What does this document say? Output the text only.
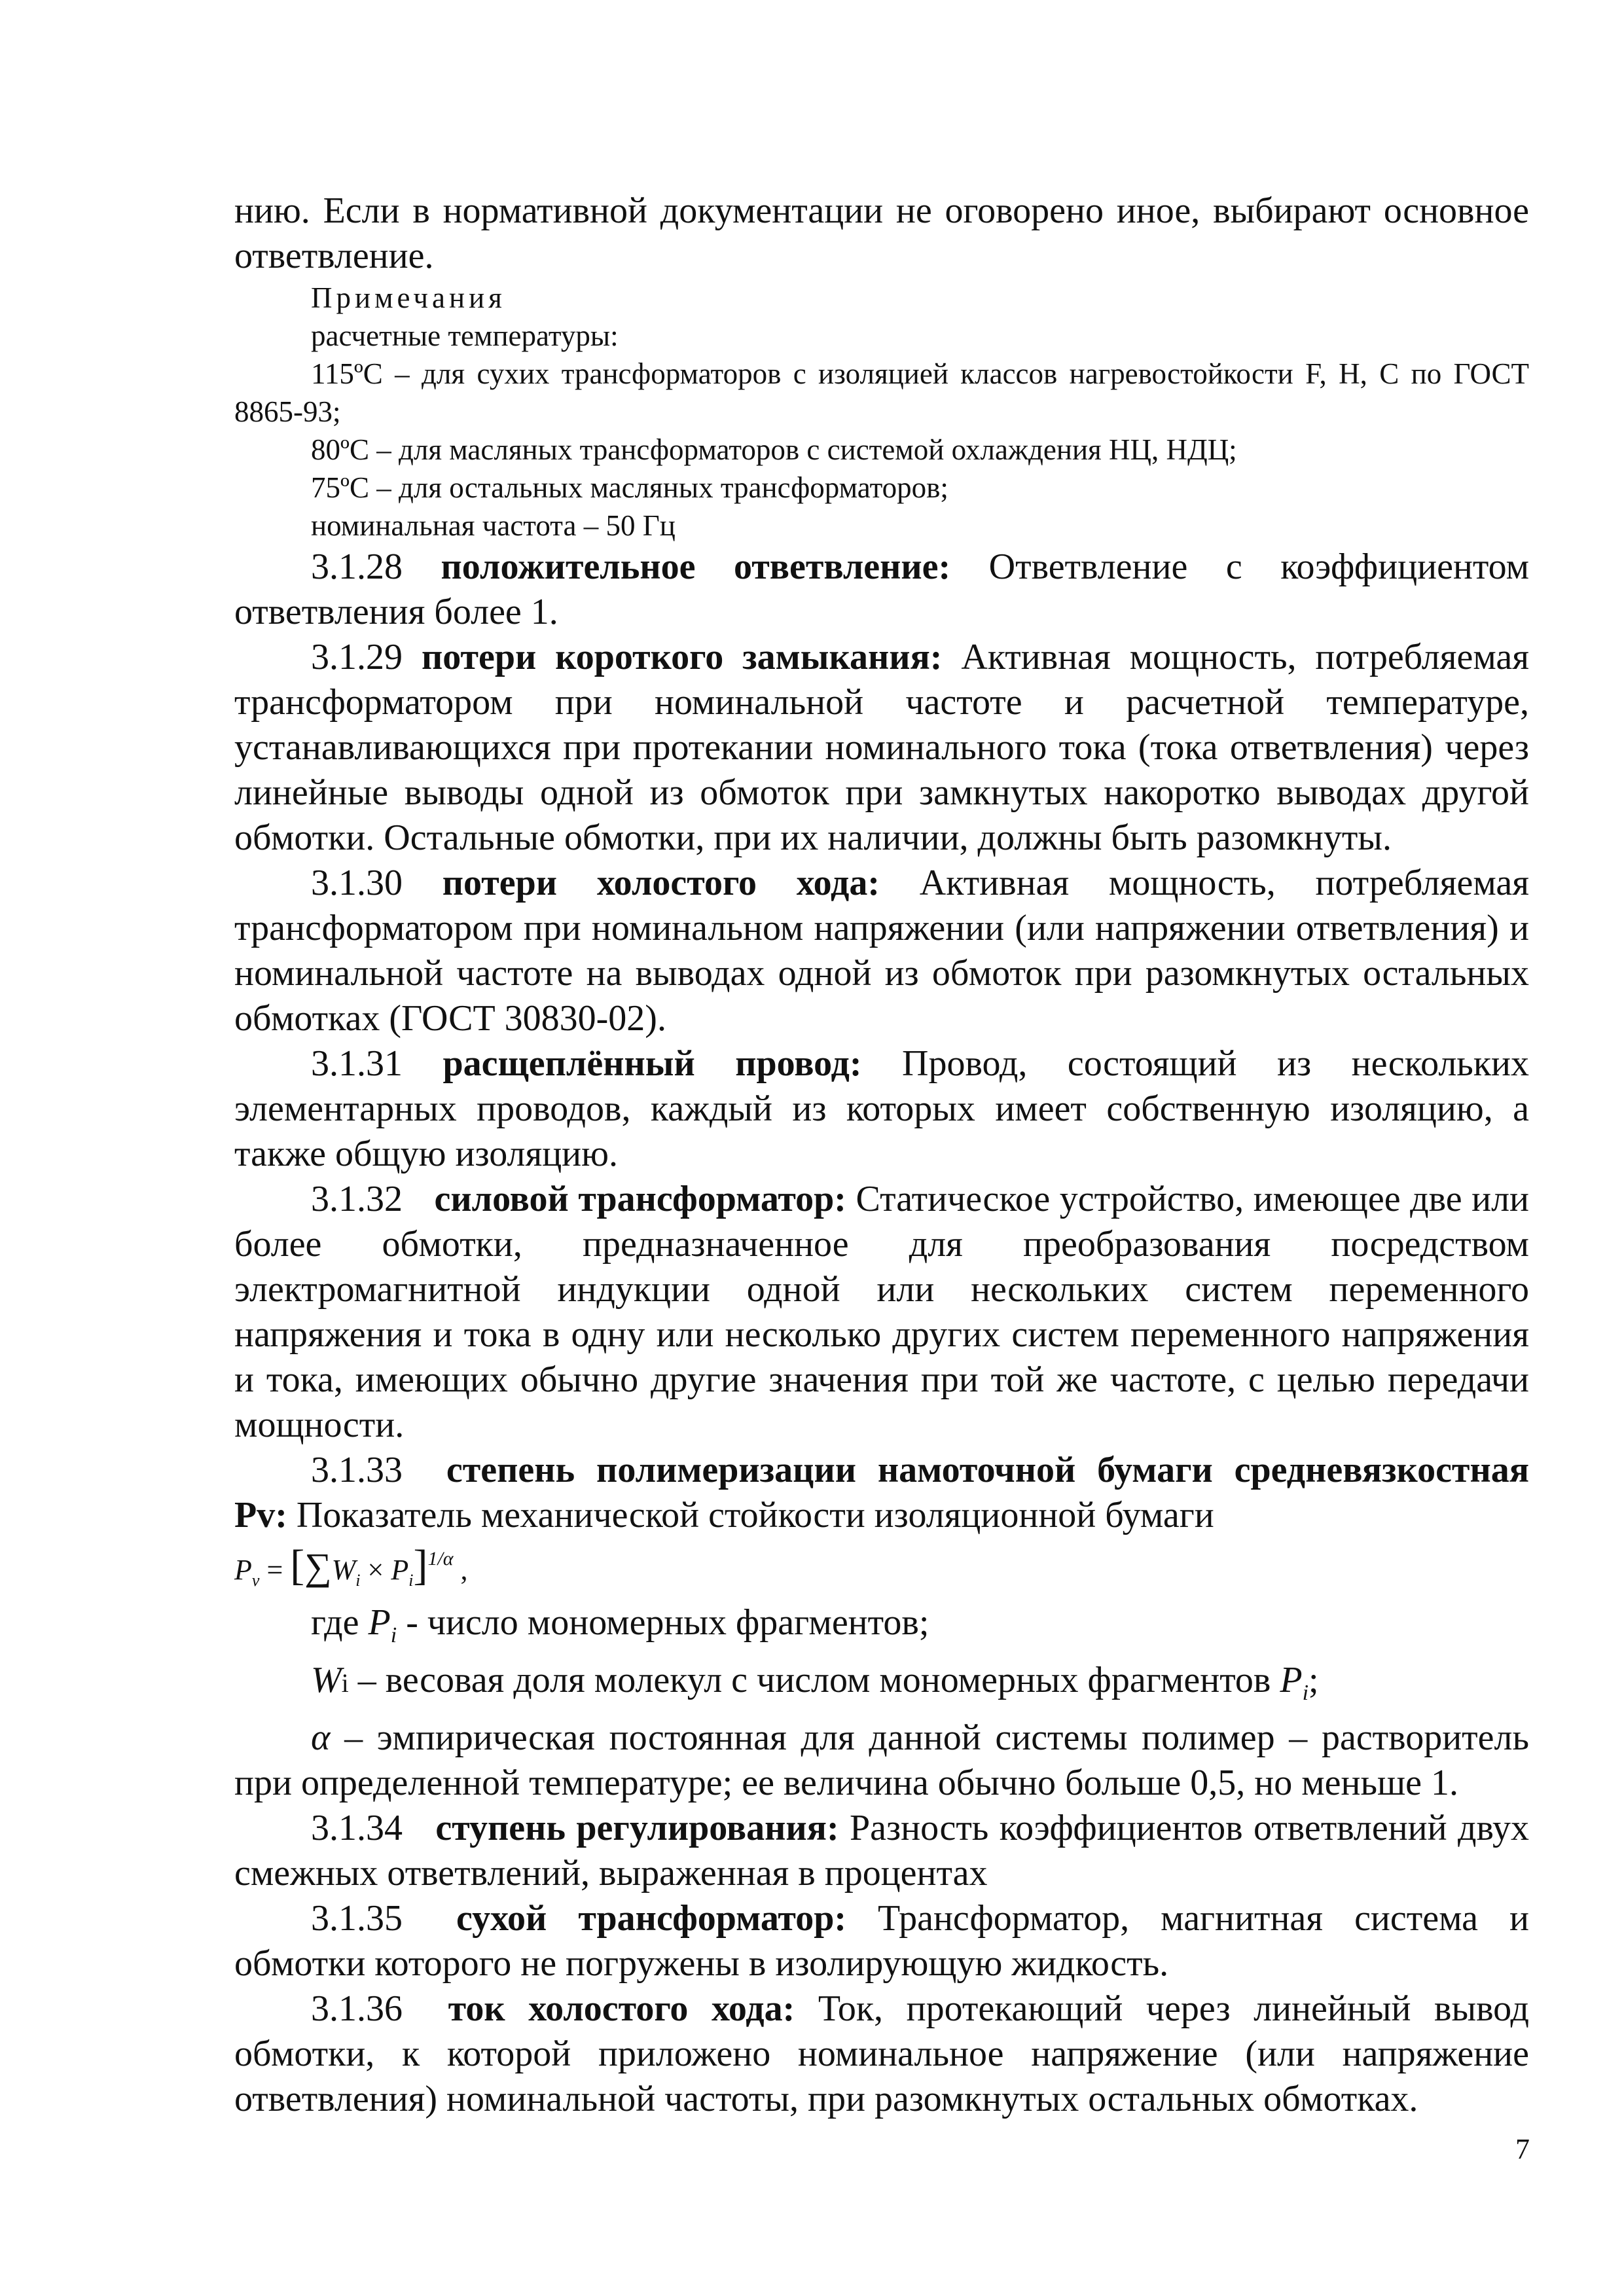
нию. Если в нормативной документации не оговорено иное, выбирают основное ответвление.

Примечания

расчетные температуры:

115ºС – для сухих трансформаторов с изоляцией классов нагревостойкости F, H, C по ГОСТ 8865-93;

80ºС – для масляных трансформаторов с системой охлаждения НЦ, НДЦ;

75ºС – для остальных масляных трансформаторов;

номинальная частота – 50 Гц

3.1.28 положительное ответвление: Ответвление с коэффициентом ответвления более 1.

3.1.29 потери короткого замыкания: Активная мощность, потребляемая трансформатором при номинальной частоте и расчетной температуре, устанавливающихся при протекании номинального тока (тока ответвления) через линейные выводы одной из обмоток при замкнутых накоротко выводах другой обмотки. Остальные обмотки, при их наличии, должны быть разомкнуты.

3.1.30 потери холостого хода: Активная мощность, потребляемая трансформатором при номинальном напряжении (или напряжении ответвления) и номинальной частоте на выводах одной из обмоток при разомкнутых остальных обмотках (ГОСТ 30830-02).

3.1.31 расщеплённый провод: Провод, состоящий из нескольких элементарных проводов, каждый из которых имеет собственную изоляцию, а также общую изоляцию.

3.1.32 силовой трансформатор: Статическое устройство, имеющее две или более обмотки, предназначенное для преобразования посредством электромагнитной индукции одной или нескольких систем переменного напряжения и тока в одну или несколько других систем переменного напряжения и тока, имеющих обычно другие значения при той же частоте, с целью передачи мощности.

3.1.33 степень полимеризации намоточной бумаги средневязкостная Pv: Показатель механической стойкости изоляционной бумаги

$P_v = [\sum W_i \times P_i]^{1/\alpha}$ ,

где $P_i$ - число мономерных фрагментов;

Wi – весовая доля молекул с числом мономерных фрагментов $P_i$;

α – эмпирическая постоянная для данной системы полимер – растворитель при определенной температуре; ее величина обычно больше 0,5, но меньше 1.

3.1.34 ступень регулирования: Разность коэффициентов ответвлений двух смежных ответвлений, выраженная в процентах

3.1.35 сухой трансформатор: Трансформатор, магнитная система и обмотки которого не погружены в изолирующую жидкость.

3.1.36 ток холостого хода: Ток, протекающий через линейный вывод обмотки, к которой приложено номинальное напряжение (или напряжение ответвления) номинальной частоты, при разомкнутых остальных обмотках.

7
